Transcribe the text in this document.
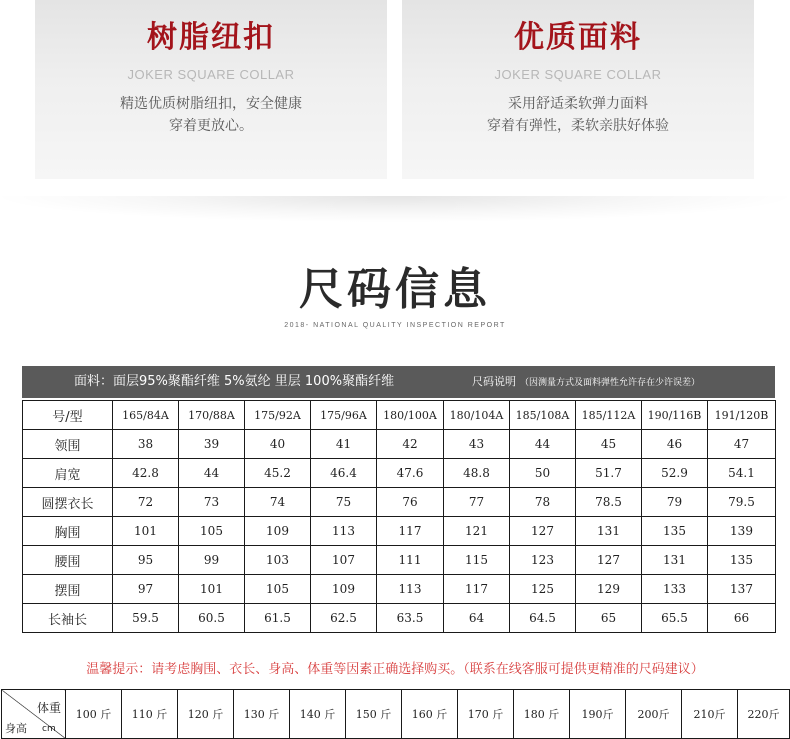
树脂纽扣
JOKER SQUARE COLLAR
精选优质树脂纽扣，安全健康
穿着更放心。
优质面料
JOKER SQUARE COLLAR
采用舒适柔软弹力面料
穿着有弹性，柔软亲肤好体验
尺码信息
2018- NATIONAL QUALITY INSPECTION REPORT
面料：面层95%聚酯纤维 5%氨纶 里层 100%聚酯纤维	尺码说明 （因测量方式及面料弹性允许存在少许误差）
号/型	165/84A	170/88A	175/92A	175/96A	180/100A	180/104A	185/108A	185/112A	190/116B	191/120B
领围	38	39	40	41	42	43	44	45	46	47
肩宽	42.8	44	45.2	46.4	47.6	48.8	50	51.7	52.9	54.1
圆摆衣长	72	73	74	75	76	77	78	78.5	79	79.5
胸围	101	105	109	113	117	121	127	131	135	139
腰围	95	99	103	107	111	115	123	127	131	135
摆围	97	101	105	109	113	117	125	129	133	137
长袖长	59.5	60.5	61.5	62.5	63.5	64	64.5	65	65.5	66
温馨提示：请考虑胸围、衣长、身高、体重等因素正确选择购买。（联系在线客服可提供更精准的尺码建议）
体重
身高 cm
	100 斤	110 斤	120 斤	130 斤	140 斤	150 斤	160 斤	170 斤	180 斤	190斤	200斤	210斤	220斤
